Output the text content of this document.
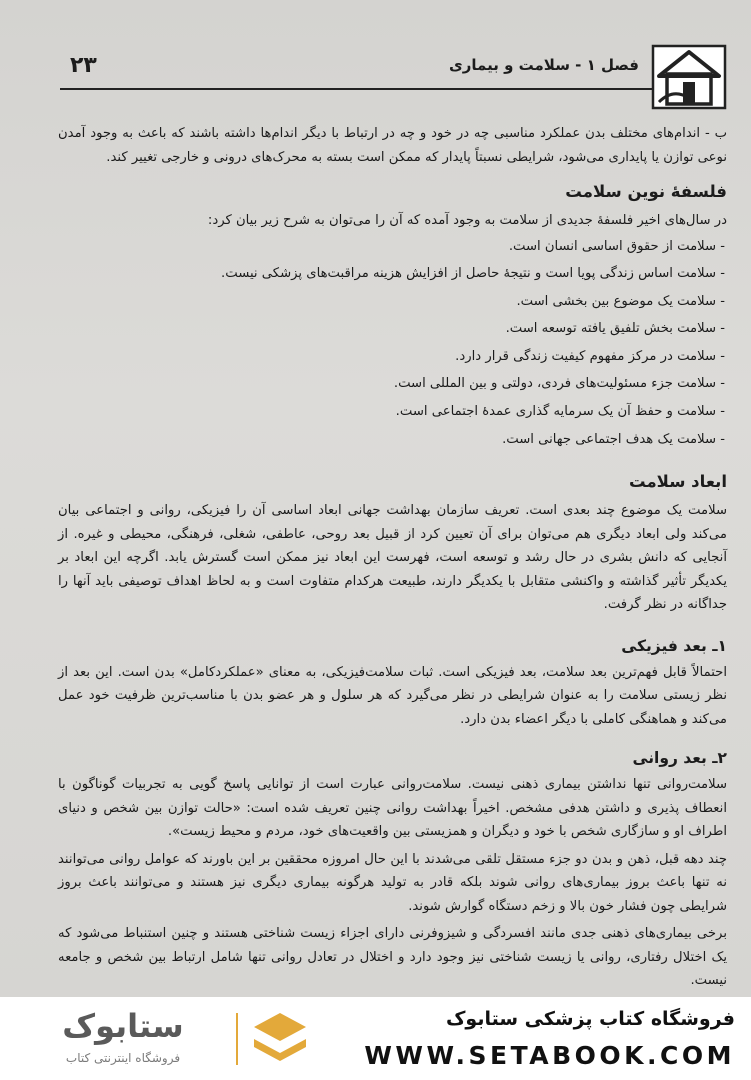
۲۳	فصل ۱ - سلامت و بیماری

ب - اندام‌های مختلف بدن عملکرد مناسبی چه در خود و چه در ارتباط با دیگر اندام‌ها داشته باشند که باعث به وجود آمدن نوعی توازن یا پایداری می‌شود، شرایطی نسبتاً پایدار که ممکن است بسته به محرک‌های درونی و خارجی تغییر کند.

فلسفهٔ نوین سلامت

در سال‌های اخیر فلسفهٔ جدیدی از سلامت به وجود آمده که آن را می‌توان به شرح زیر بیان کرد:

- سلامت از حقوق اساسی انسان است.

- سلامت اساس زندگی پویا است و نتیجهٔ حاصل از افزایش هزینه مراقبت‌های پزشکی نیست.

- سلامت یک موضوع بین بخشی است.

- سلامت بخش تلفیق یافته توسعه است.

- سلامت در مرکز مفهوم کیفیت زندگی قرار دارد.

- سلامت جزء مسئولیت‌های فردی، دولتی و بین المللی است.

- سلامت و حفظ آن یک سرمایه گذاری عمدهٔ اجتماعی است.

- سلامت یک هدف اجتماعی جهانی است.

ابعاد سلامت

سلامت یک موضوع چند بعدی است. تعریف سازمان بهداشت جهانی ابعاد اساسی آن را فیزیکی، روانی و اجتماعی بیان می‌کند ولی ابعاد دیگری هم می‌توان برای آن تعیین کرد از قبیل بعد روحی، عاطفی، شغلی، فرهنگی، محیطی و غیره. از آنجایی که دانش بشری در حال رشد و توسعه است، فهرست این ابعاد نیز ممکن است گسترش یابد. اگرچه این ابعاد بر یکدیگر تأثیر گذاشته و واکنشی متقابل با یکدیگر دارند، طبیعت هرکدام متفاوت است و به لحاظ اهداف توصیفی باید آنها را جداگانه در نظر گرفت.

۱ـ بعد فیزیکی

احتمالاً قابل فهم‌ترین بعد سلامت، بعد فیزیکی است. ثبات سلامت‌فیزیکی، به معنای «عملکرد‌کامل» بدن است. این بعد از نظر زیستی سلامت را به عنوان شرایطی در نظر می‌گیرد که هر سلول و هر عضو بدن با مناسب‌ترین ظرفیت خود عمل می‌کند و هماهنگی کاملی با دیگر اعضاء بدن دارد.

۲ـ بعد روانی

سلامت‌روانی تنها نداشتن بیماری ذهنی نیست. سلامت‌روانی عبارت است از توانایی پاسخ گویی به تجربیات گوناگون با انعطاف پذیری و داشتن هدفی مشخص. اخیراً بهداشت روانی چنین تعریف شده است: «حالت توازن بین شخص و دنیای اطراف او و سازگاری شخص با خود و دیگران و همزیستی بین واقعیت‌های خود، مردم و محیط زیست».

چند دهه قبل، ذهن و بدن دو جزء مستقل تلقی می‌شدند با این حال امروزه محققین بر این باورند که عوامل روانی می‌توانند نه تنها باعث بروز بیماری‌های روانی شوند بلکه قادر به تولید هرگونه بیماری دیگری نیز هستند و می‌توانند باعث بروز شرایطی چون فشار خون بالا و زخم دستگاه گوارش شوند.

برخی بیماری‌های ذهنی جدی مانند افسردگی و شیزوفرنی دارای اجزاء زیست شناختی هستند و چنین استنباط می‌شود که یک اختلال رفتاری، روانی یا زیست شناختی نیز وجود دارد و اختلال در تعادل روانی تنها شامل ارتباط بین شخص و جامعه نیست.

فروشگاه کتاب پزشکی ستابوک
WWW.SETABOOK.COM
ستابوک
فروشگاه اینترنتی کتاب
